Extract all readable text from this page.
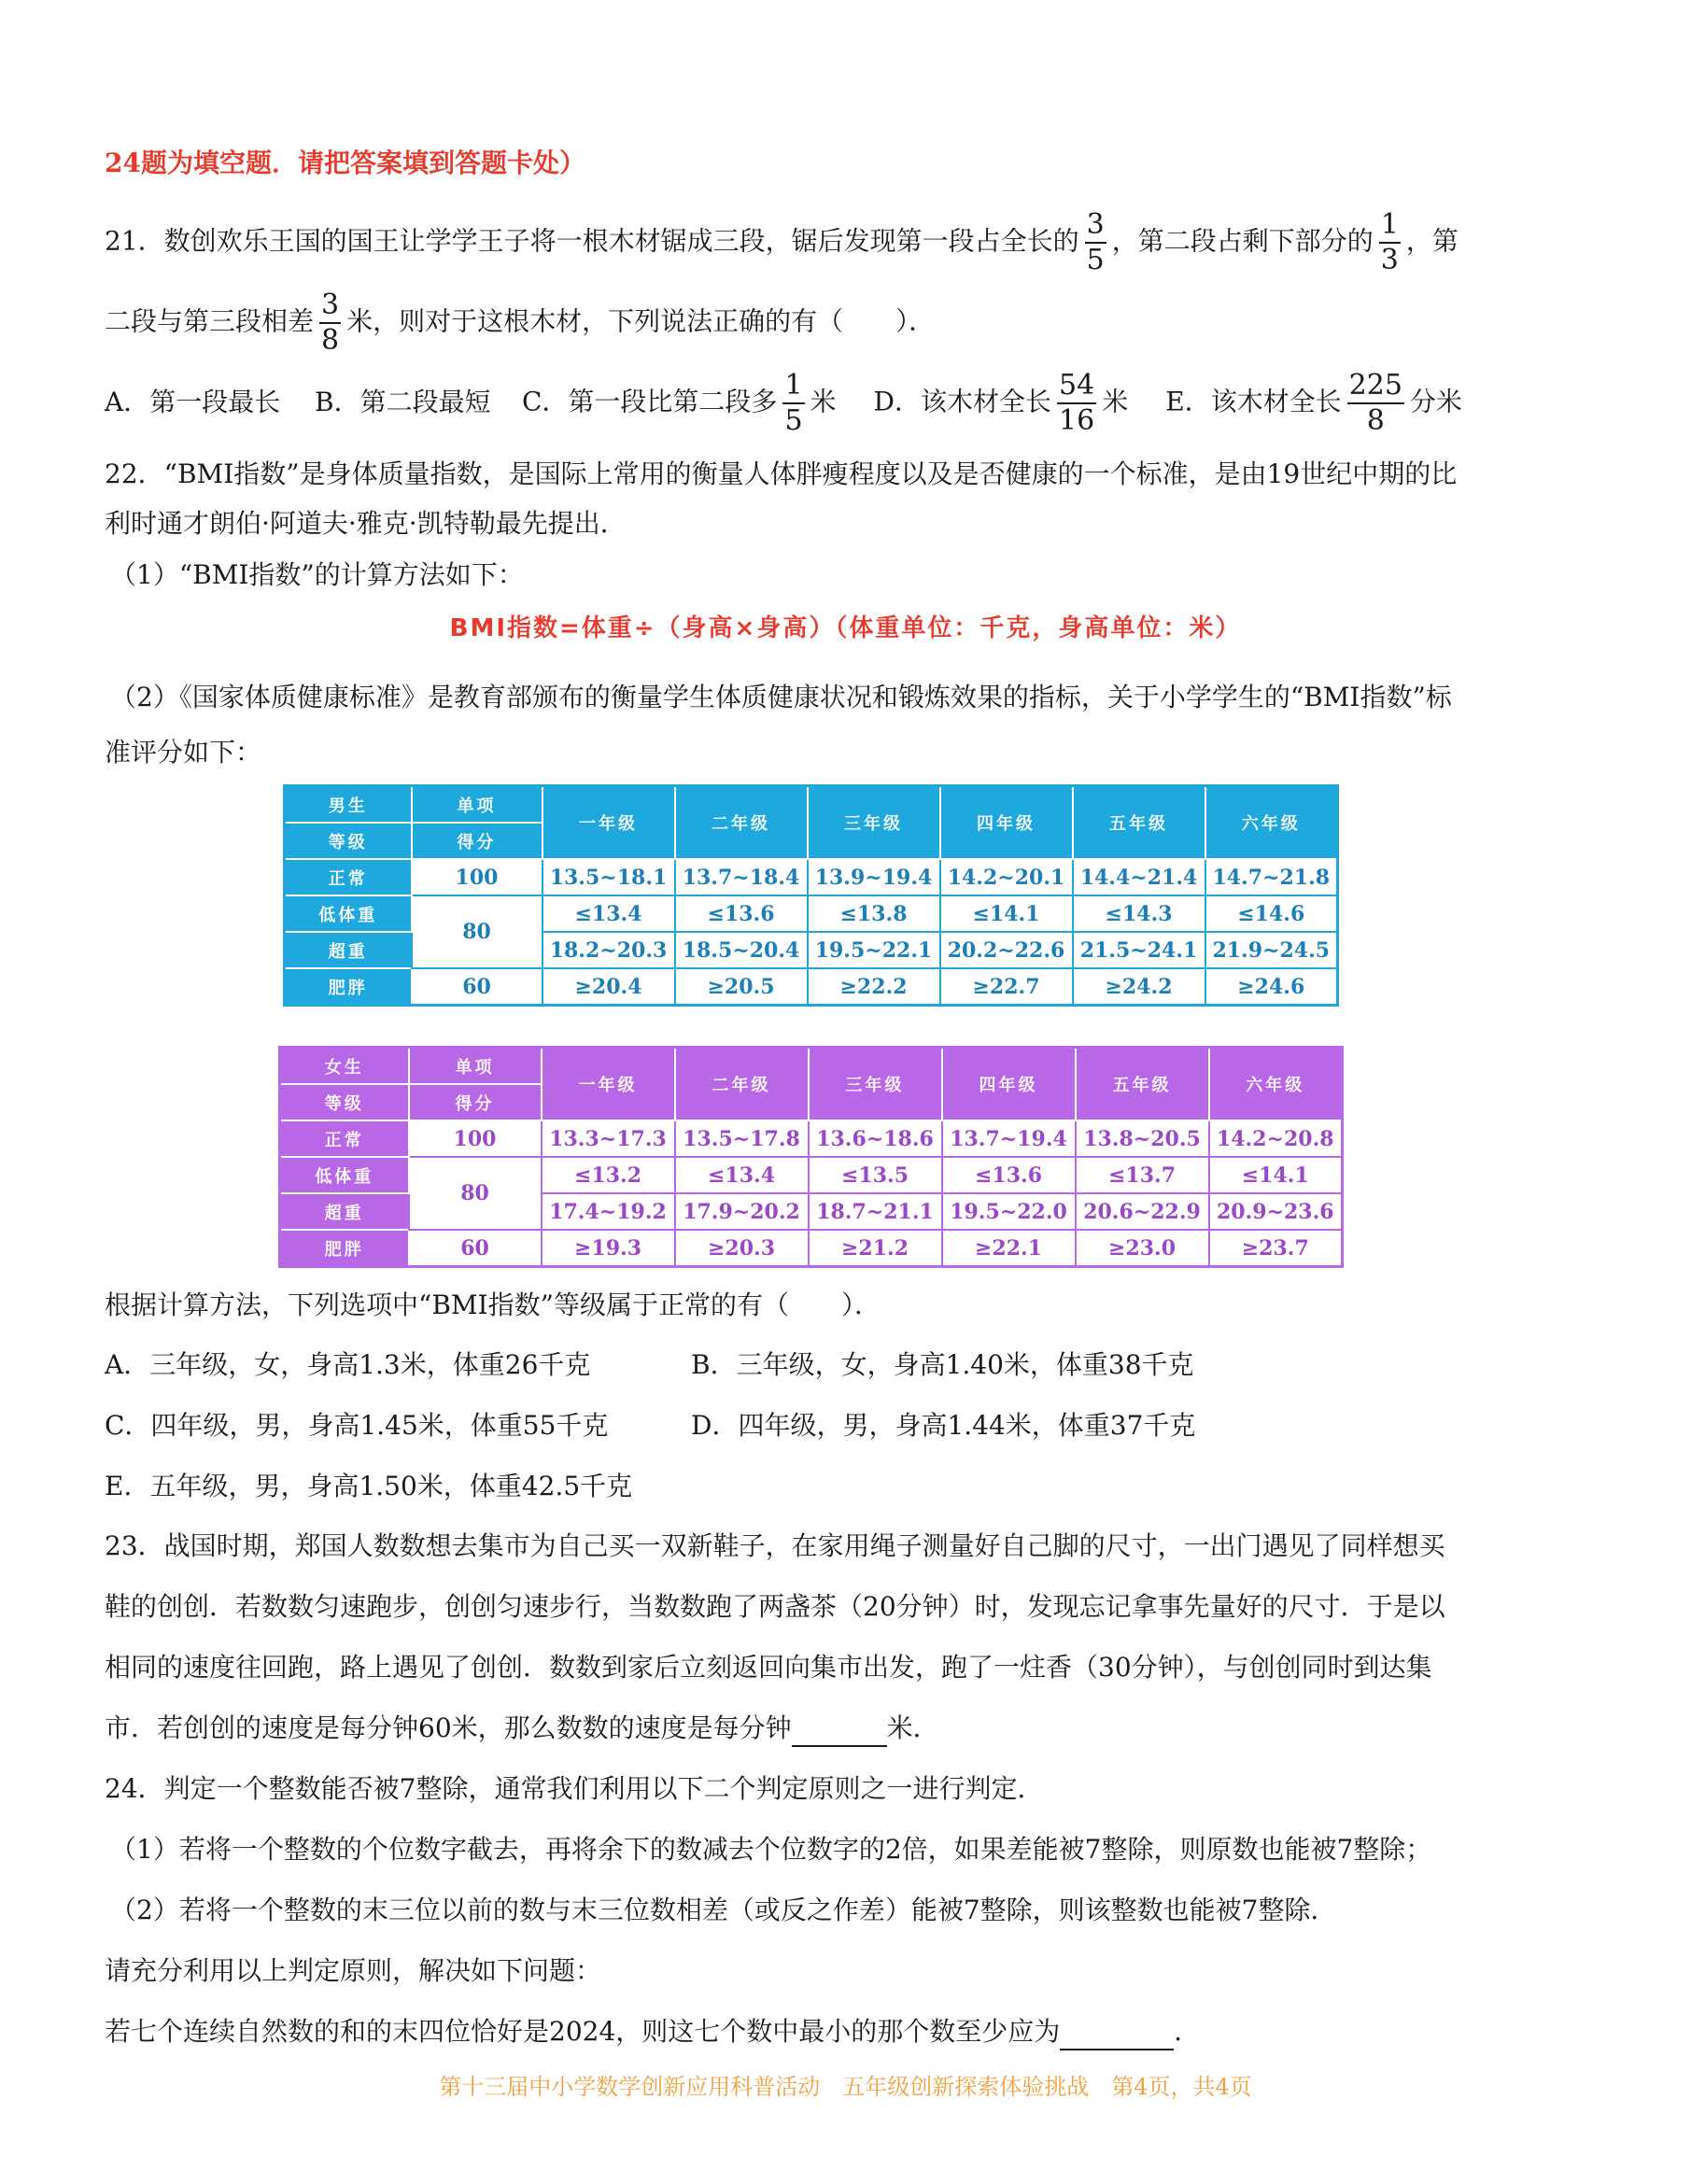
24题为填空题．请把答案填到答题卡处）
21．数创欢乐王国的国王让学学王子将一根木材锯成三段，锯后发现第一段占全长的 $\frac{3}{5}$ ，第二段占剩下部分的 $\frac{1}{3}$ ，第
二段与第三段相差 $\frac{3}{8}$ 米，则对于这根木材，下列说法正确的有（　　）．
A．第一段最长 B．第二段最短 C．第一段比第二段多 $\frac{1}{5}$ 米 D．该木材全长 $\frac{54}{16}$ 米 E．该木材全长 $\frac{225}{8}$ 分米
22．“BMI指数”是身体质量指数，是国际上常用的衡量人体胖瘦程度以及是否健康的一个标准，是由19世纪中期的比
利时通才朗伯·阿道夫·雅克·凯特勒最先提出．
（1）“BMI指数”的计算方法如下：
BMI指数=体重÷（身高×身高）（体重单位：千克，身高单位：米）
（2）《国家体质健康标准》是教育部颁布的衡量学生体质健康状况和锻炼效果的指标，关于小学学生的“BMI指数”标
准评分如下：
男生	单项	一年级	二年级	三年级	四年级	五年级	六年级
等级	得分						
正常	100	13.5~18.1	13.7~18.4	13.9~19.4	14.2~20.1	14.4~21.4	14.7~21.8
低体重	80	≤13.4	≤13.6	≤13.8	≤14.1	≤14.3	≤14.6
超重		18.2~20.3	18.5~20.4	19.5~22.1	20.2~22.6	21.5~24.1	21.9~24.5
肥胖	60	≥20.4	≥20.5	≥22.2	≥22.7	≥24.2	≥24.6
女生	单项	一年级	二年级	三年级	四年级	五年级	六年级
等级	得分						
正常	100	13.3~17.3	13.5~17.8	13.6~18.6	13.7~19.4	13.8~20.5	14.2~20.8
低体重	80	≤13.2	≤13.4	≤13.5	≤13.6	≤13.7	≤14.1
超重		17.4~19.2	17.9~20.2	18.7~21.1	19.5~22.0	20.6~22.9	20.9~23.6
肥胖	60	≥19.3	≥20.3	≥21.2	≥22.1	≥23.0	≥23.7
根据计算方法，下列选项中“BMI指数”等级属于正常的有（　　）．
A．三年级，女，身高1.3米，体重26千克	B．三年级，女，身高1.40米，体重38千克
C．四年级，男，身高1.45米，体重55千克	D．四年级，男，身高1.44米，体重37千克
E．五年级，男，身高1.50米，体重42.5千克
23．战国时期，郑国人数数想去集市为自己买一双新鞋子，在家用绳子测量好自己脚的尺寸，一出门遇见了同样想买
鞋的创创．若数数匀速跑步，创创匀速步行，当数数跑了两盏茶（20分钟）时，发现忘记拿事先量好的尺寸．于是以
相同的速度往回跑，路上遇见了创创．数数到家后立刻返回向集市出发，跑了一炷香（30分钟），与创创同时到达集
市．若创创的速度是每分钟60米，那么数数的速度是每分钟	米．
24．判定一个整数能否被7整除，通常我们利用以下二个判定原则之一进行判定．
（1）若将一个整数的个位数字截去，再将余下的数减去个位数字的2倍，如果差能被7整除，则原数也能被7整除；
（2）若将一个整数的末三位以前的数与末三位数相差（或反之作差）能被7整除，则该整数也能被7整除．
请充分利用以上判定原则，解决如下问题：
若七个连续自然数的和的末四位恰好是2024，则这七个数中最小的那个数至少应为	．
第十三届中小学数学创新应用科普活动　五年级创新探索体验挑战　第4页，共4页
